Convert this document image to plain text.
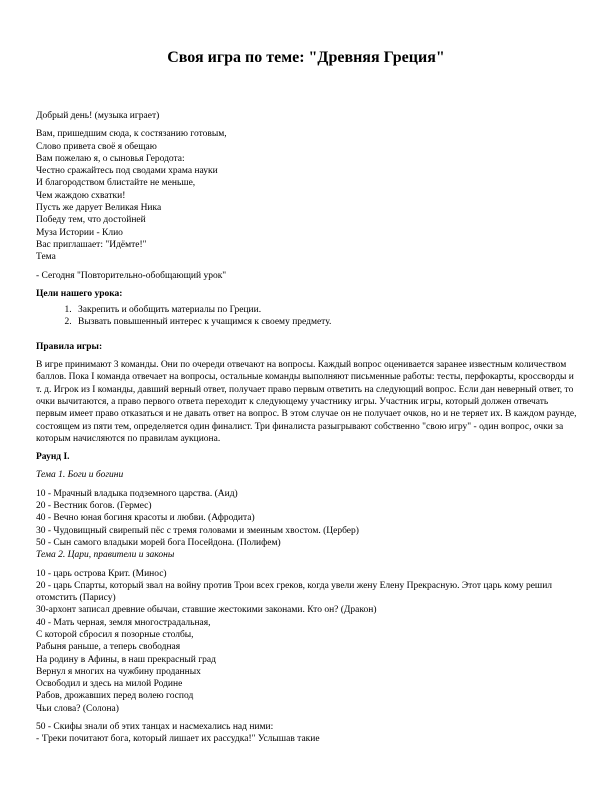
Своя игра по теме: "Древняя Греция"

Добрый день! (музыка играет)

Вам, пришедшим сюда, к состязанию готовым,

Слово привета своё я обещаю

Вам пожелаю я, о сыновья Геродота:

Честно сражайтесь под сводами храма науки

И благородством блистайте не меньше,

Чем жаждою схватки!

Пусть же дарует Великая Ника

Победу тем, что достойней

Муза Истории - Клио

Вас приглашает: "Идёмте!"

Тема

- Сегодня "Повторительно-обобщающий урок"

Цели нашего урока:

1. Закрепить и обобщить материалы по Греции.
2. Вызвать повышенный интерес к учащимся к своему предмету.

Правила игры:

В игре принимают 3 команды. Они по очереди отвечают на вопросы. Каждый вопрос оценивается заранее известным количеством баллов. Пока I команда отвечает на вопросы, остальные команды выполняют письменные работы: тесты, перфокарты, кроссворды и т. д. Игрок из I команды, давший верный ответ, получает право первым ответить на следующий вопрос. Если дан неверный ответ, то очки вычитаются, а право первого ответа переходит к следующему участнику игры. Участник игры, который должен отвечать первым имеет право отказаться и не давать ответ на вопрос. В этом случае он не получает очков, но и не теряет их. В каждом раунде, состоящем из пяти тем, определяется один финалист. Три финалиста разыгрывают собственно "свою игру" - один вопрос, очки за которым начисляются по правилам аукциона.

Раунд I.

Тема 1. Боги и богини

10 - Мрачный владыка подземного царства. (Аид)

20 - Вестник богов. (Гермес)

40 - Вечно юная богиня красоты и любви. (Афродита)

30 - Чудовищный свирепый пёс с тремя головами и змеиным хвостом. (Цербер)

50 - Сын самого владыки морей бога Посейдона. (Полифем)

Тема 2. Цари, правители и законы

10 - царь острова Крит. (Минос)

20 - царь Спарты, который звал на войну против Трои всех греков, когда увели жену Елену Прекрасную. Этот царь кому решил отомстить (Парису)

30-архонт записал древние обычаи, ставшие жестокими законами. Кто он? (Дракон)

40 - Мать черная, земля многострадальная,

С которой сбросил я позорные столбы,

Рабыня раньше, а теперь свободная

На родину в Афины, в наш прекрасный град

Вернул я многих на чужбину проданных

Освободил и здесь на милой Родине

Рабов, дрожавших перед волею господ

Чьи слова? (Солона)

50 - Скифы знали об этих танцах и насмехались над ними:

- 'Греки почитают бога, который лишает их рассудка!" Услышав такие
